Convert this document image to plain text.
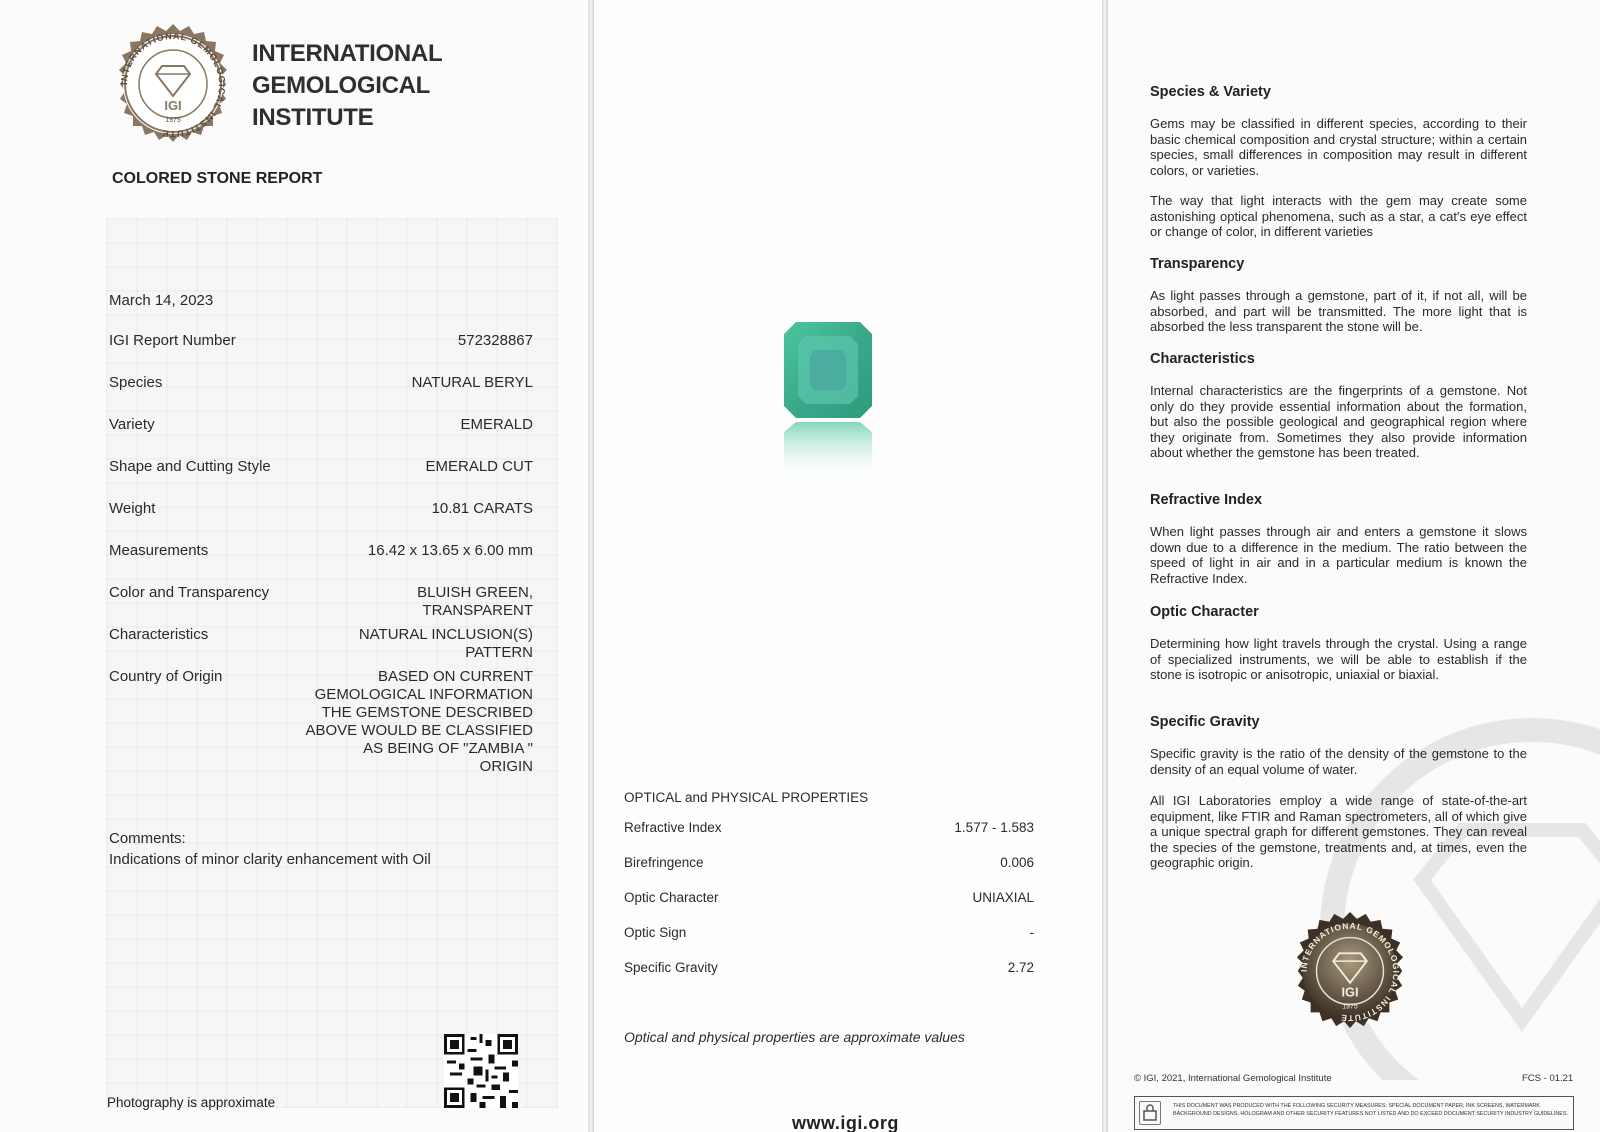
INTERNATIONAL GEMOLOGICAL INSTITUTE
IGI
1975
INTERNATIONAL
GEMOLOGICAL
INSTITUTE
COLORED STONE REPORT
March 14, 2023
IGI Report Number	572328867
Species	NATURAL BERYL
Variety	EMERALD
Shape and Cutting Style	EMERALD CUT
Weight	10.81 CARATS
Measurements	16.42 x 13.65 x 6.00 mm
Color and Transparency	BLUISH GREEN,
TRANSPARENT
Characteristics	NATURAL INCLUSION(S)
PATTERN
Country of Origin	BASED ON CURRENT
GEMOLOGICAL INFORMATION
THE GEMSTONE DESCRIBED
ABOVE WOULD BE CLASSIFIED
AS BEING OF "ZAMBIA "
ORIGIN
Comments:
Indications of minor clarity enhancement with Oil
Photography is approximate
OPTICAL and PHYSICAL PROPERTIES
Refractive Index	1.577 - 1.583
Birefringence	0.006
Optic Character	UNIAXIAL
Optic Sign	-
Specific Gravity	2.72
Optical and physical properties are approximate values
www.igi.org
Species & Variety
Gems may be classified in different species, according to their basic chemical composition and crystal structure; within a certain species, small differences in composition may result in different colors, or varieties.
The way that light interacts with the gem may create some astonishing optical phenomena, such as a star, a cat's eye effect or change of color, in different varieties
Transparency
As light passes through a gemstone, part of it, if not all, will be absorbed, and part will be transmitted. The more light that is absorbed the less transparent the stone will be.
Characteristics
Internal characteristics are the fingerprints of a gemstone. Not only do they provide essential information about the formation, but also the possible geological and geographical region where they originate from. Sometimes they also provide information about whether the gemstone has been treated.
Refractive Index
When light passes through air and enters a gemstone it slows down due to a difference in the medium. The ratio between the speed of light in air and in a particular medium is known the Refractive Index.
Optic Character
Determining how light travels through the crystal. Using a range of specialized instruments, we will be able to establish if the stone is isotropic or anisotropic, uniaxial or biaxial.
Specific Gravity
Specific gravity is the ratio of the density of the gemstone to the density of an equal volume of water.
All IGI Laboratories employ a wide range of state-of-the-art equipment, like FTIR and Raman spectrometers, all of which give a unique spectral graph for different gemstones. They can reveal the species of the gemstone, treatments and, at times, even the geographic origin.
INTERNATIONAL GEMOLOGICAL INSTITUTE
IGI
1975
© IGI, 2021, International Gemological Institute	FCS - 01.21
THIS DOCUMENT WAS PRODUCED WITH THE FOLLOWING SECURITY MEASURES: SPECIAL DOCUMENT PAPER, INK SCREENS, WATERMARK BACKGROUND DESIGNS, HOLOGRAM AND OTHER SECURITY FEATURES NOT LISTED AND DO EXCEED DOCUMENT SECURITY INDUSTRY GUIDELINES.
